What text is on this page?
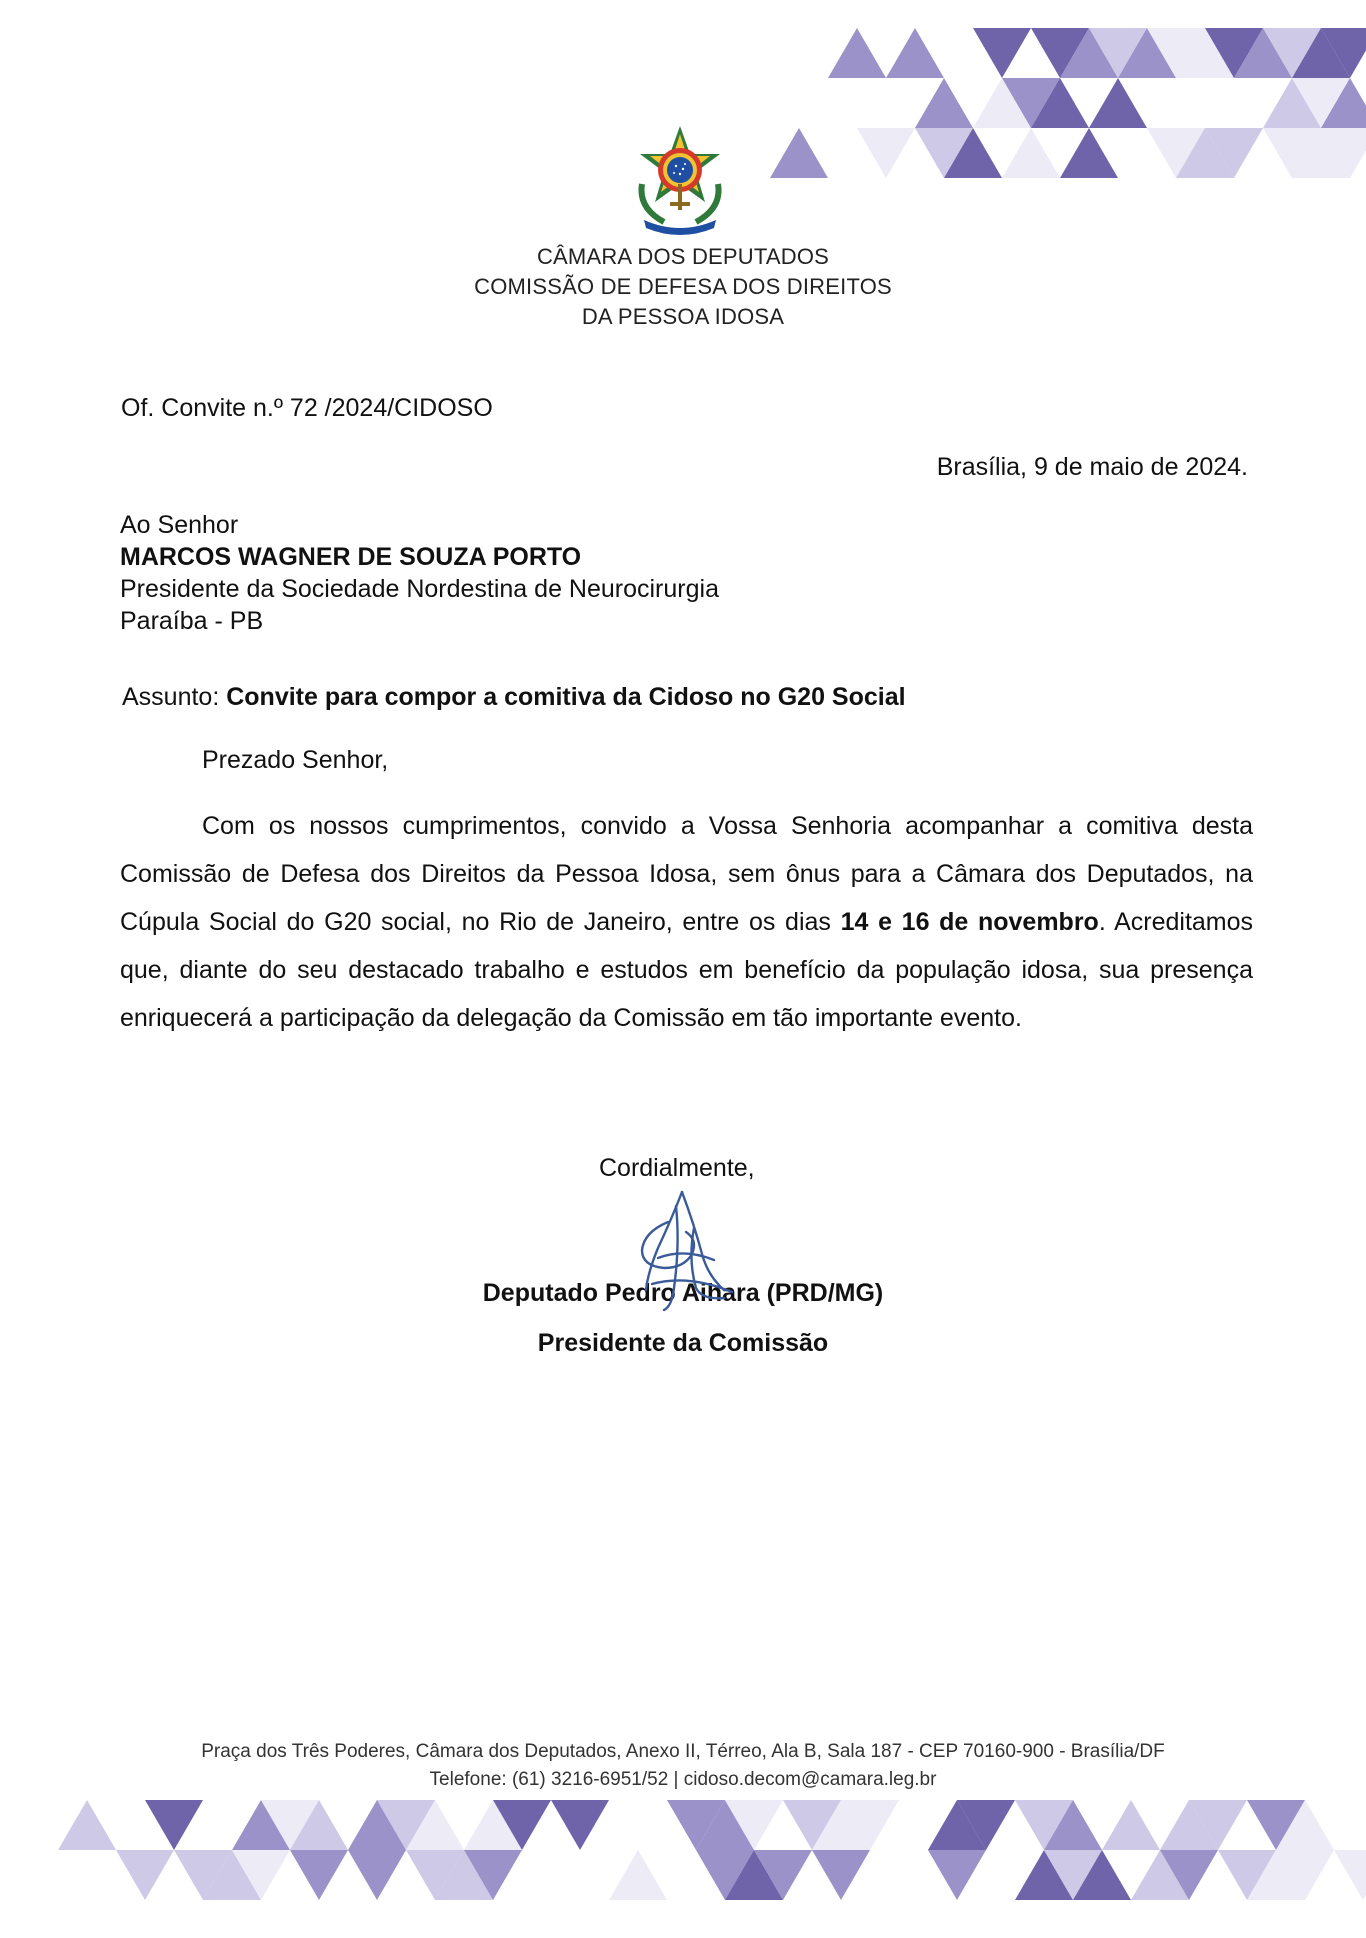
CÂMARA DOS DEPUTADOS
COMISSÃO DE DEFESA DOS DIREITOS
DA PESSOA IDOSA
Of. Convite n.º 72 /2024/CIDOSO
Brasília, 9 de maio de 2024.
Ao Senhor
MARCOS WAGNER DE SOUZA PORTO
Presidente da Sociedade Nordestina de Neurocirurgia
Paraíba - PB
Assunto: Convite para compor a comitiva da Cidoso no G20 Social
Prezado Senhor,

Com os nossos cumprimentos, convido a Vossa Senhoria acompanhar a comitiva desta Comissão de Defesa dos Direitos da Pessoa Idosa, sem ônus para a Câmara dos Deputados, na Cúpula Social do G20 social, no Rio de Janeiro, entre os dias 14 e 16 de novembro. Acreditamos que, diante do seu destacado trabalho e estudos em benefício da população idosa, sua presença enriquecerá a participação da delegação da Comissão em tão importante evento.

Cordialmente,
Deputado Pedro Aihara (PRD/MG)
Presidente da Comissão
Praça dos Três Poderes, Câmara dos Deputados, Anexo II, Térreo, Ala B, Sala 187 - CEP 70160-900 - Brasília/DF
Telefone: (61) 3216-6951/52 | cidoso.decom@camara.leg.br
